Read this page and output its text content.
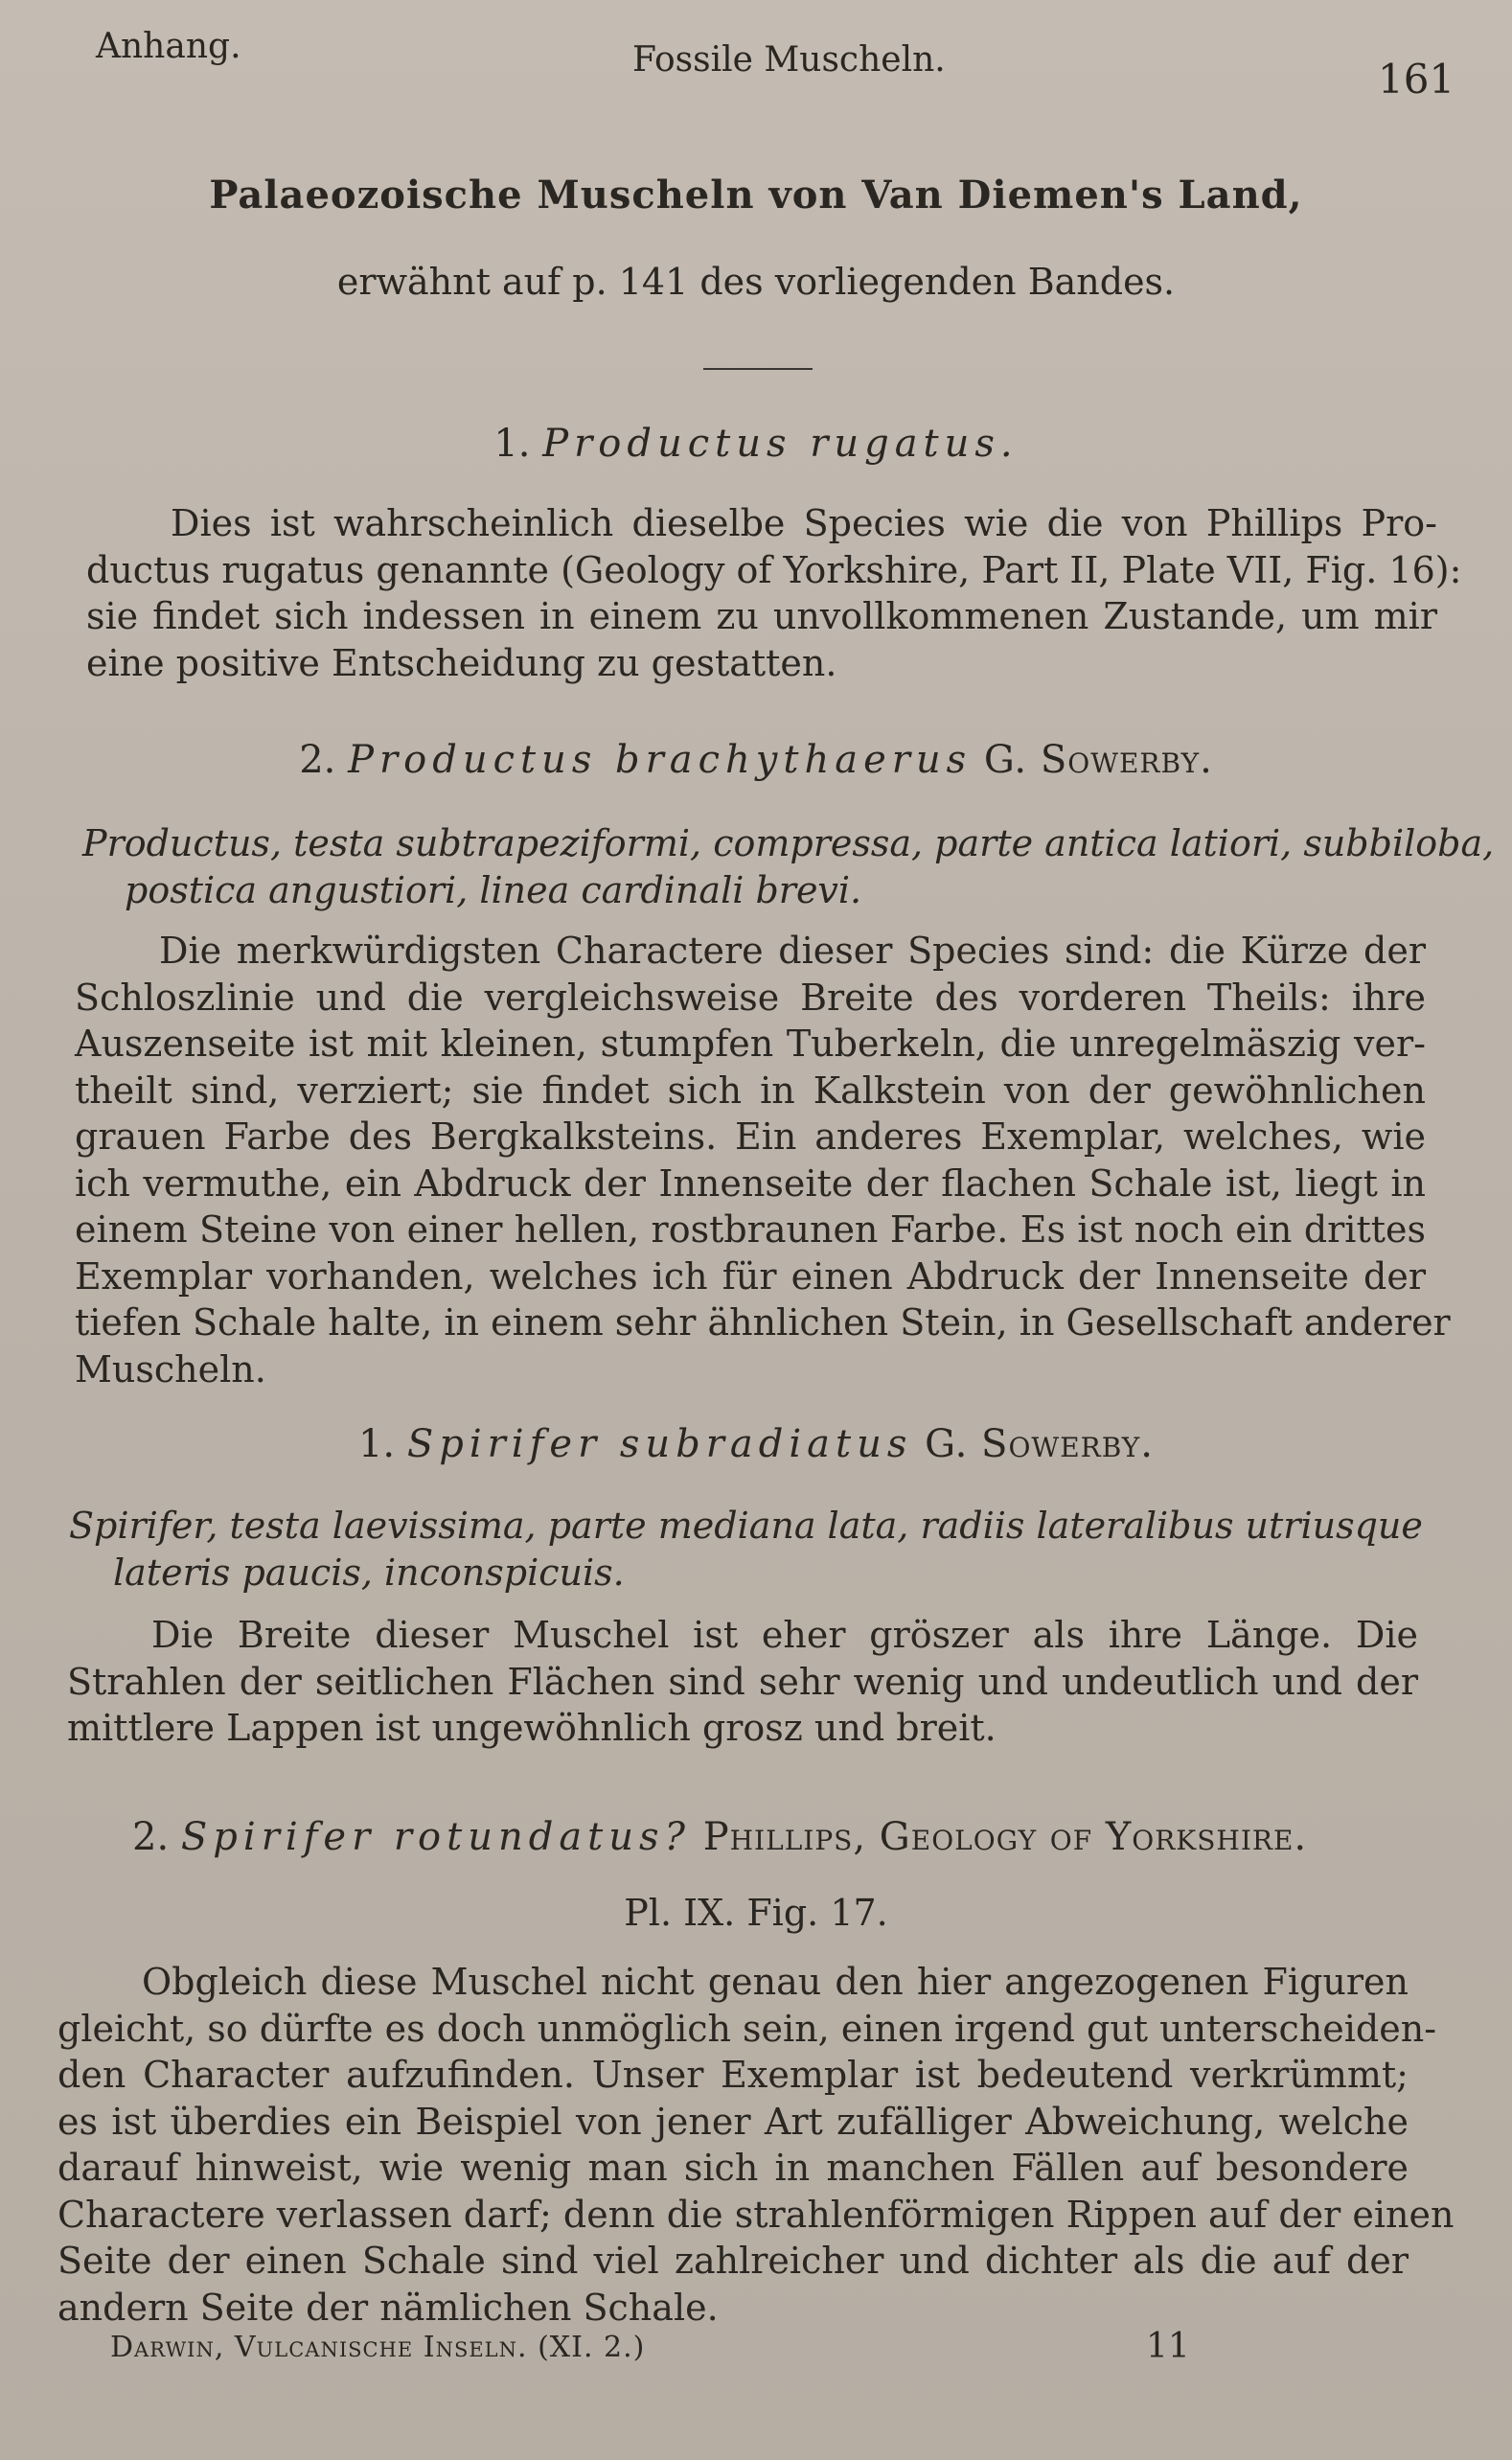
Anhang.	Fossile Muscheln.	161
Palaeozoische Muscheln von Van Diemen's Land,
erwähnt auf p. 141 des vorliegenden Bandes.
1. Productus rugatus.
Dies ist wahrscheinlich dieselbe Species wie die von Phillips Pro-
ductus rugatus genannte (Geology of Yorkshire, Part II, Plate VII, Fig. 16):
sie findet sich indessen in einem zu unvollkommenen Zustande, um mir
eine positive Entscheidung zu gestatten.
2. Productus brachythaerus G. Sowerby.
Productus, testa subtrapeziformi, compressa, parte antica latiori, subbiloba,
postica angustiori, linea cardinali brevi.
Die merkwürdigsten Charactere dieser Species sind: die Kürze der
Schloszlinie und die vergleichsweise Breite des vorderen Theils: ihre
Auszenseite ist mit kleinen, stumpfen Tuberkeln, die unregelmäszig ver-
theilt sind, verziert; sie findet sich in Kalkstein von der gewöhnlichen
grauen Farbe des Bergkalksteins. Ein anderes Exemplar, welches, wie
ich vermuthe, ein Abdruck der Innenseite der flachen Schale ist, liegt in
einem Steine von einer hellen, rostbraunen Farbe. Es ist noch ein drittes
Exemplar vorhanden, welches ich für einen Abdruck der Innenseite der
tiefen Schale halte, in einem sehr ähnlichen Stein, in Gesellschaft anderer
Muscheln.
1. Spirifer subradiatus G. Sowerby.
Spirifer, testa laevissima, parte mediana lata, radiis lateralibus utriusque
lateris paucis, inconspicuis.
Die Breite dieser Muschel ist eher gröszer als ihre Länge. Die
Strahlen der seitlichen Flächen sind sehr wenig und undeutlich und der
mittlere Lappen ist ungewöhnlich grosz und breit.
2. Spirifer rotundatus? Phillips, Geology of Yorkshire.
Pl. IX. Fig. 17.
Obgleich diese Muschel nicht genau den hier angezogenen Figuren
gleicht, so dürfte es doch unmöglich sein, einen irgend gut unterscheiden-
den Character aufzufinden. Unser Exemplar ist bedeutend verkrümmt;
es ist überdies ein Beispiel von jener Art zufälliger Abweichung, welche
darauf hinweist, wie wenig man sich in manchen Fällen auf besondere
Charactere verlassen darf; denn die strahlenförmigen Rippen auf der einen
Seite der einen Schale sind viel zahlreicher und dichter als die auf der
andern Seite der nämlichen Schale.
Darwin, Vulcanische Inseln. (XI. 2.)	11
